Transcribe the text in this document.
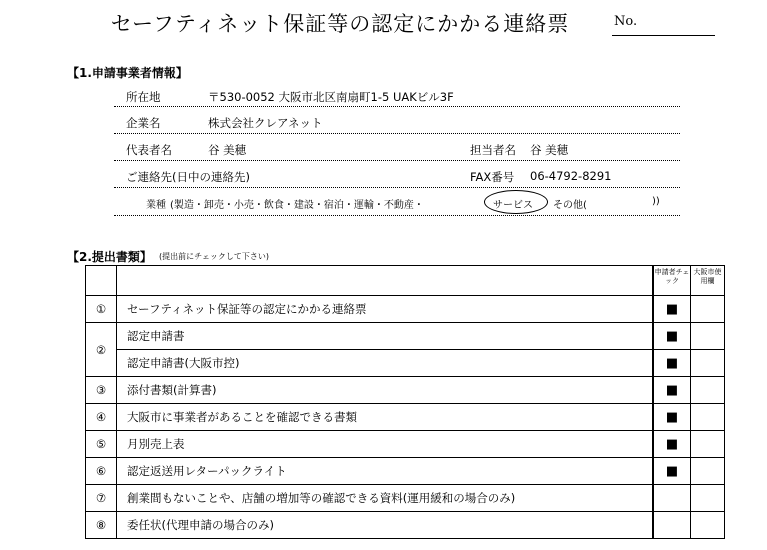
セーフティネット保証等の認定にかかる連絡票	No.
【1.申請事業者情報】
所在地	〒530-0052 大阪市北区南扇町1-5 UAKビル3F
企業名	株式会社クレアネット
代表者名	谷 美穂	担当者名 谷 美穂
ご連絡先(日中の連絡先)	FAX番号 06-4792-8291
業種 (製造・卸売・小売・飲食・建設・宿泊・運輸・不動産・	サービス その他(	))
【2.提出書類】 (提出前にチェックして下さい)
		申請者チェック	大阪市使用欄
①	セーフティネット保証等の認定にかかる連絡票	■	
②	認定申請書	■	
	認定申請書(大阪市控)	■	
③	添付書類(計算書)	■	
④	大阪市に事業者があることを確認できる書類	■	
⑤	月別売上表	■	
⑥	認定返送用レターパックライト	■	
⑦	創業間もないことや、店舗の増加等の確認できる資料(運用緩和の場合のみ)		
⑧	委任状(代理申請の場合のみ)		
